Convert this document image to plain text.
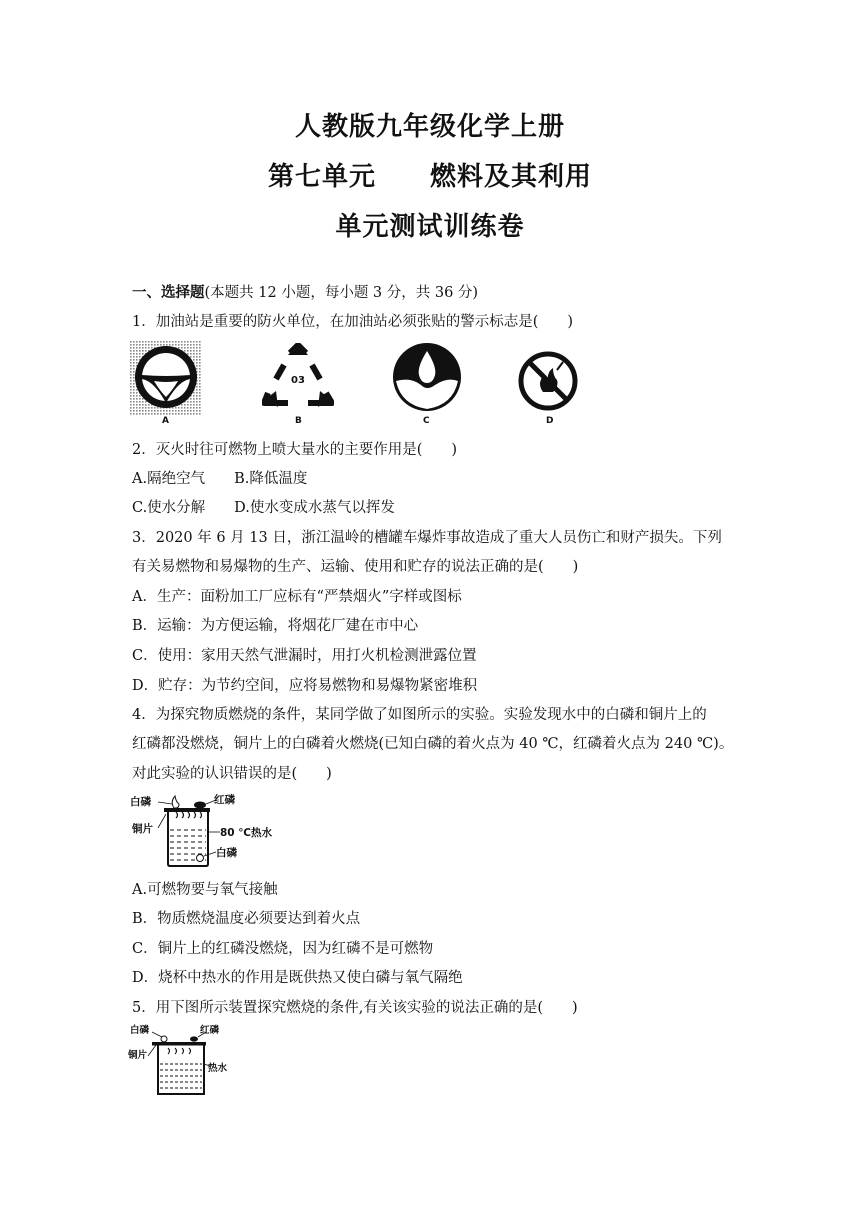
人教版九年级化学上册
第七单元　　燃料及其利用
单元测试训练卷
一、选择题(本题共 12 小题，每小题 3 分，共 36 分)
1．加油站是重要的防火单位，在加油站必须张贴的警示标志是(　　)
A
03
B	C	D
2．灭火时往可燃物上喷大量水的主要作用是(　　)
A.隔绝空气　　B.降低温度
C.使水分解　　D.使水变成水蒸气以挥发
3．2020 年 6 月 13 日，浙江温岭的槽罐车爆炸事故造成了重大人员伤亡和财产损失。下列
有关易燃物和易爆物的生产、运输、使用和贮存的说法正确的是(　　)
A．生产：面粉加工厂应标有“严禁烟火”字样或图标
B．运输：为方便运输，将烟花厂建在市中心
C．使用：家用天然气泄漏时，用打火机检测泄露位置
D．贮存：为节约空间，应将易燃物和易爆物紧密堆积
4．为探究物质燃烧的条件，某同学做了如图所示的实验。实验发现水中的白磷和铜片上的
红磷都没燃烧，铜片上的白磷着火燃烧(已知白磷的着火点为 40 ℃，红磷着火点为 240 ℃)。
对此实验的认识错误的是(　　)
白磷	红磷
铜片	80 ℃热水
白磷
A.可燃物要与氧气接触
B．物质燃烧温度必须要达到着火点
C．铜片上的红磷没燃烧，因为红磷不是可燃物
D．烧杯中热水的作用是既供热又使白磷与氧气隔绝
5．用下图所示装置探究燃烧的条件,有关该实验的说法正确的是(　　)
白磷	红磷
铜片
热水
